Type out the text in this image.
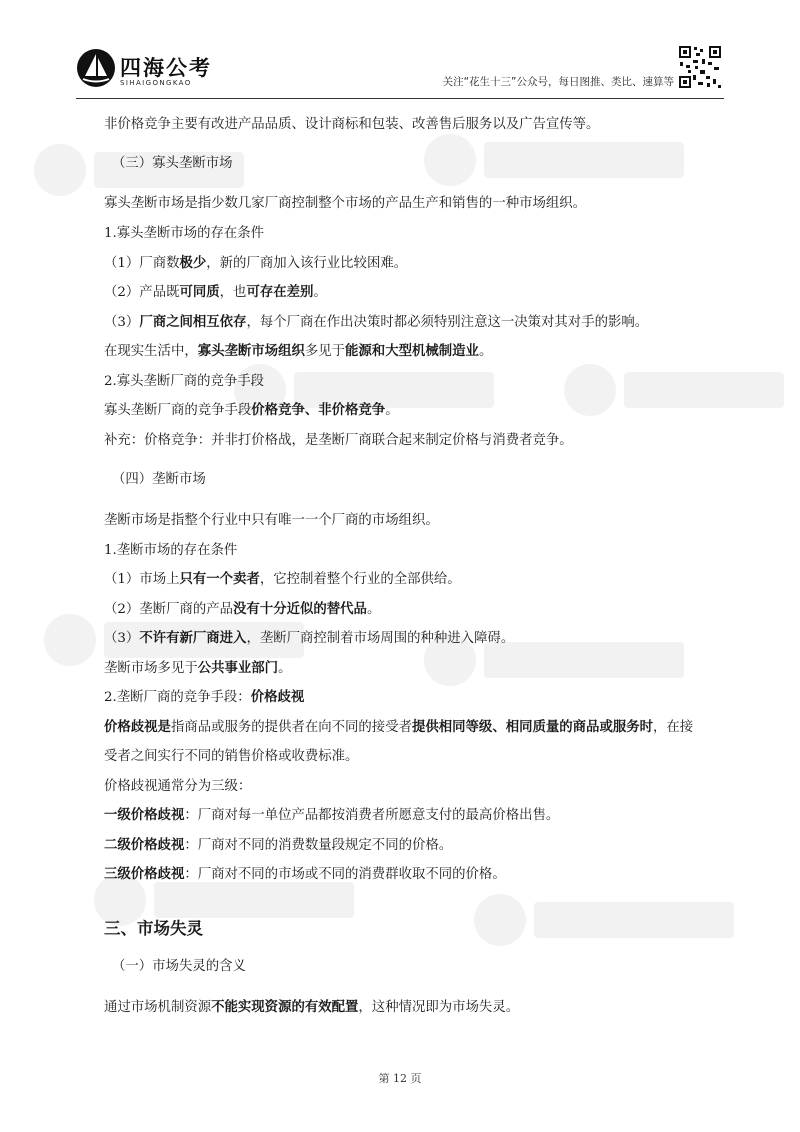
四海公考
SIHAIGONGKAO	关注“花生十三”公众号，每日图推、类比、速算等
非价格竞争主要有改进产品品质、设计商标和包装、改善售后服务以及广告宣传等。
（三）寡头垄断市场
寡头垄断市场是指少数几家厂商控制整个市场的产品生产和销售的一种市场组织。
1.寡头垄断市场的存在条件
（1）厂商数极少，新的厂商加入该行业比较困难。
（2）产品既可同质，也可存在差别。
（3）厂商之间相互依存，每个厂商在作出决策时都必须特别注意这一决策对其对手的影响。
在现实生活中，寡头垄断市场组织多见于能源和大型机械制造业。
2.寡头垄断厂商的竞争手段
寡头垄断厂商的竞争手段价格竞争、非价格竞争。
补充：价格竞争：并非打价格战，是垄断厂商联合起来制定价格与消费者竞争。
（四）垄断市场
垄断市场是指整个行业中只有唯一一个厂商的市场组织。
1.垄断市场的存在条件
（1）市场上只有一个卖者，它控制着整个行业的全部供给。
（2）垄断厂商的产品没有十分近似的替代品。
（3）不许有新厂商进入，垄断厂商控制着市场周围的种种进入障碍。
垄断市场多见于公共事业部门。
2.垄断厂商的竞争手段：价格歧视
价格歧视是指商品或服务的提供者在向不同的接受者提供相同等级、相同质量的商品或服务时，在接
受者之间实行不同的销售价格或收费标准。
价格歧视通常分为三级：
一级价格歧视：厂商对每一单位产品都按消费者所愿意支付的最高价格出售。
二级价格歧视：厂商对不同的消费数量段规定不同的价格。
三级价格歧视：厂商对不同的市场或不同的消费群收取不同的价格。
三、市场失灵
（一）市场失灵的含义
通过市场机制资源不能实现资源的有效配置，这种情况即为市场失灵。
第 12 页
